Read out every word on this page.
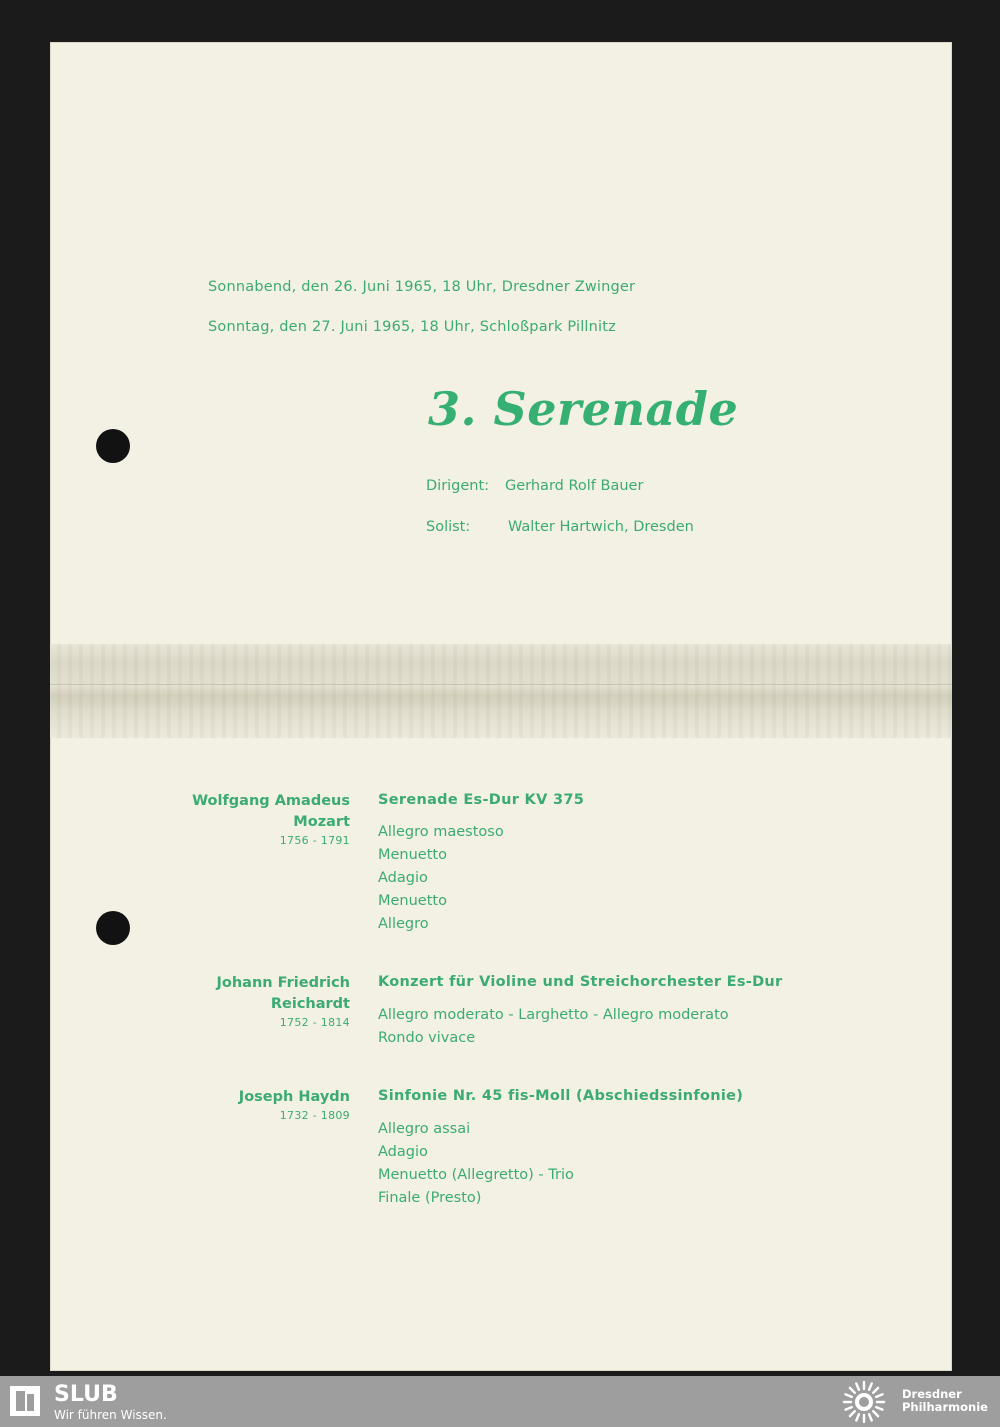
Sonnabend, den 26. Juni 1965, 18 Uhr, Dresdner Zwinger
Sonntag, den 27. Juni 1965, 18 Uhr, Schloßpark Pillnitz
3. Serenade
Dirigent: Gerhard Rolf Bauer
Solist:	Walter Hartwich, Dresden
Wolfgang Amadeus
Mozart
1756 - 1791
Serenade Es-Dur KV 375
Allegro maestoso
Menuetto
Adagio
Menuetto
Allegro
Johann Friedrich
Reichardt
1752 - 1814
Konzert für Violine und Streichorchester Es-Dur
Allegro moderato - Larghetto - Allegro moderato
Rondo vivace
Joseph Haydn
1732 - 1809
Sinfonie Nr. 45 fis-Moll (Abschiedssinfonie)
Allegro assai
Adagio
Menuetto (Allegretto) - Trio
Finale (Presto)
SLUB
Wir führen Wissen.
Dresdner
Philharmonie
